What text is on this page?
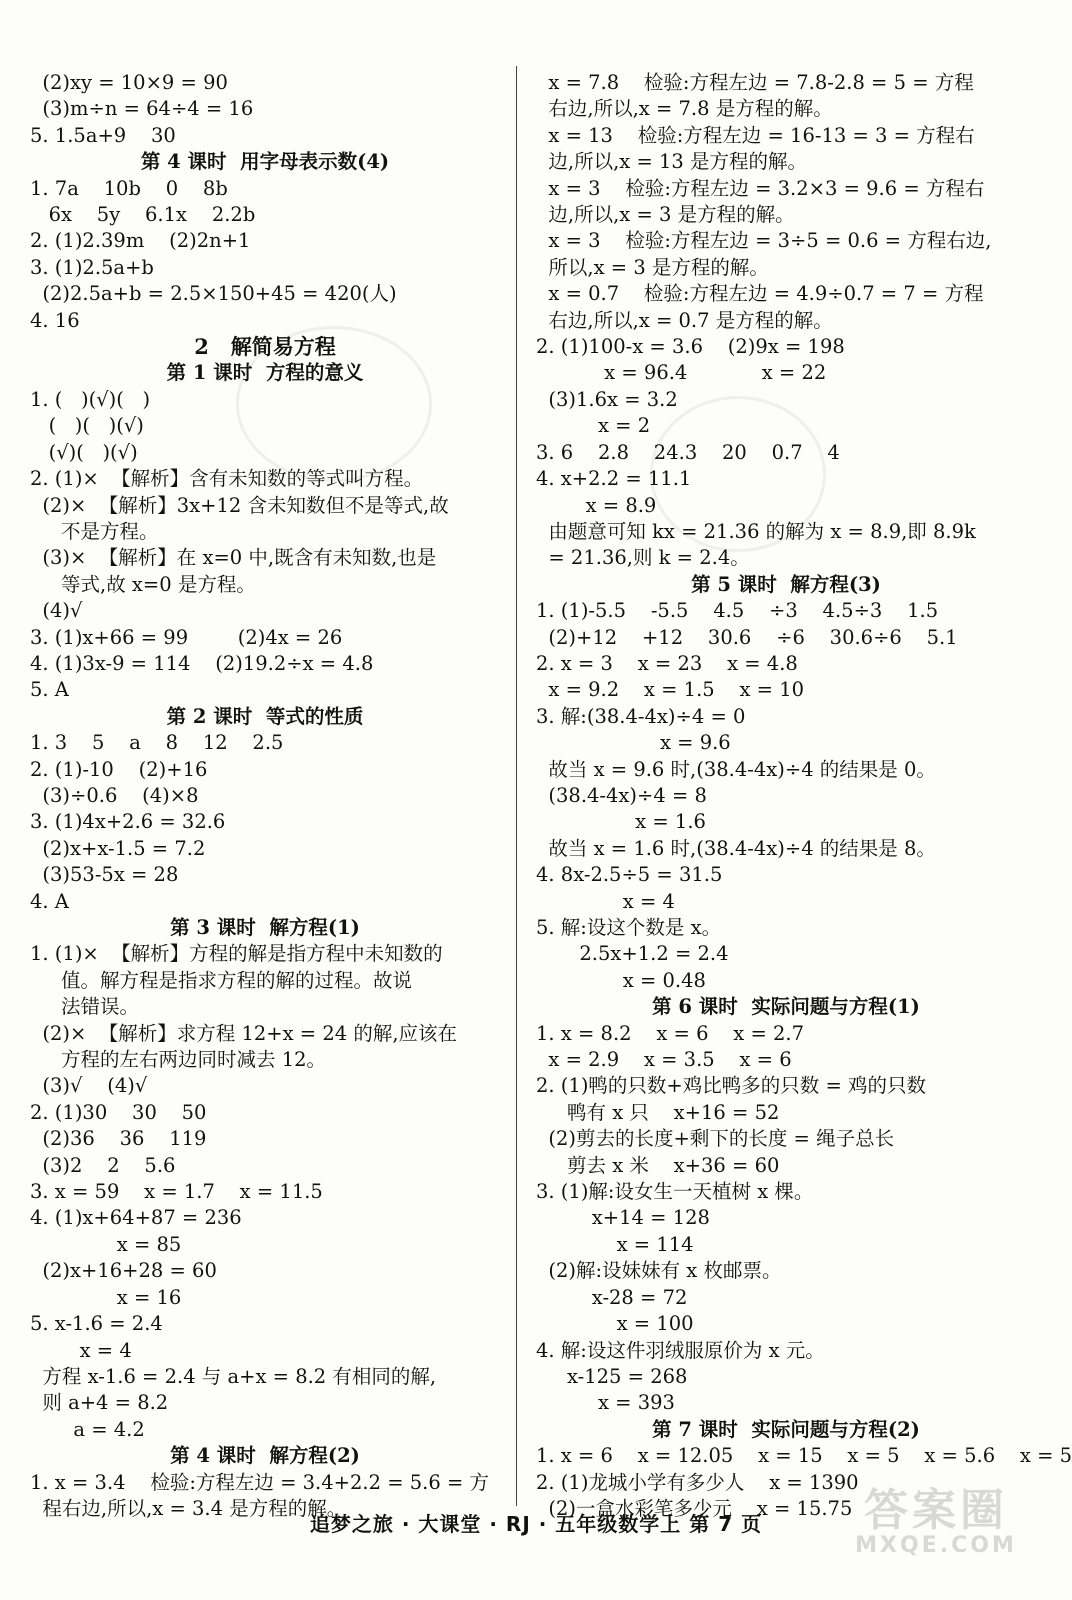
(2)xy = 10×9 = 90
(3)m÷n = 64÷4 = 16
5. 1.5a+9    30
第 4 课时  用字母表示数(4)
1. 7a    10b    0    8b
6x    5y    6.1x    2.2b
2. (1)2.39m    (2)2n+1
3. (1)2.5a+b
(2)2.5a+b = 2.5×150+45 = 420(人)
4. 16
2   解简易方程
第 1 课时  方程的意义
1. (   )(√)(   )
(   )(   )(√)
(√)(   )(√)
2. (1)×  【解析】含有未知数的等式叫方程。
(2)×  【解析】3x+12 含未知数但不是等式,故
不是方程。
(3)×  【解析】在 x=0 中,既含有未知数,也是
等式,故 x=0 是方程。
(4)√
3. (1)x+66 = 99        (2)4x = 26
4. (1)3x-9 = 114    (2)19.2÷x = 4.8
5. A
第 2 课时  等式的性质
1. 3    5    a    8    12    2.5
2. (1)-10    (2)+16
(3)÷0.6    (4)×8
3. (1)4x+2.6 = 32.6
(2)x+x-1.5 = 7.2
(3)53-5x = 28
4. A
第 3 课时  解方程(1)
1. (1)×  【解析】方程的解是指方程中未知数的
值。解方程是指求方程的解的过程。故说
法错误。
(2)×  【解析】求方程 12+x = 24 的解,应该在
方程的左右两边同时减去 12。
(3)√    (4)√
2. (1)30    30    50
(2)36    36    119
(3)2    2    5.6
3. x = 59    x = 1.7    x = 11.5
4. (1)x+64+87 = 236
x = 85
(2)x+16+28 = 60
x = 16
5. x-1.6 = 2.4
x = 4
方程 x-1.6 = 2.4 与 a+x = 8.2 有相同的解,
则 a+4 = 8.2
a = 4.2
第 4 课时  解方程(2)
1. x = 3.4    检验:方程左边 = 3.4+2.2 = 5.6 = 方
程右边,所以,x = 3.4 是方程的解。
x = 7.8    检验:方程左边 = 7.8-2.8 = 5 = 方程
右边,所以,x = 7.8 是方程的解。
x = 13    检验:方程左边 = 16-13 = 3 = 方程右
边,所以,x = 13 是方程的解。
x = 3    检验:方程左边 = 3.2×3 = 9.6 = 方程右
边,所以,x = 3 是方程的解。
x = 3    检验:方程左边 = 3÷5 = 0.6 = 方程右边,
所以,x = 3 是方程的解。
x = 0.7    检验:方程左边 = 4.9÷0.7 = 7 = 方程
右边,所以,x = 0.7 是方程的解。
2. (1)100-x = 3.6    (2)9x = 198
x = 96.4            x = 22
(3)1.6x = 3.2
x = 2
3. 6    2.8    24.3    20    0.7    4
4. x+2.2 = 11.1
x = 8.9
由题意可知 kx = 21.36 的解为 x = 8.9,即 8.9k
= 21.36,则 k = 2.4。
第 5 课时  解方程(3)
1. (1)-5.5    -5.5    4.5    ÷3    4.5÷3    1.5
(2)+12    +12    30.6    ÷6    30.6÷6    5.1
2. x = 3    x = 23    x = 4.8
x = 9.2    x = 1.5    x = 10
3. 解:(38.4-4x)÷4 = 0
x = 9.6
故当 x = 9.6 时,(38.4-4x)÷4 的结果是 0。
(38.4-4x)÷4 = 8
x = 1.6
故当 x = 1.6 时,(38.4-4x)÷4 的结果是 8。
4. 8x-2.5÷5 = 31.5
x = 4
5. 解:设这个数是 x。
2.5x+1.2 = 2.4
x = 0.48
第 6 课时  实际问题与方程(1)
1. x = 8.2    x = 6    x = 2.7
x = 2.9    x = 3.5    x = 6
2. (1)鸭的只数+鸡比鸭多的只数 = 鸡的只数
鸭有 x 只    x+16 = 52
(2)剪去的长度+剩下的长度 = 绳子总长
剪去 x 米    x+36 = 60
3. (1)解:设女生一天植树 x 棵。
x+14 = 128
x = 114
(2)解:设妹妹有 x 枚邮票。
x-28 = 72
x = 100
4. 解:设这件羽绒服原价为 x 元。
x-125 = 268
x = 393
第 7 课时  实际问题与方程(2)
1. x = 6    x = 12.05    x = 15    x = 5    x = 5.6    x = 5
2. (1)龙城小学有多少人    x = 1390
(2)一盒水彩笔多少元    x = 15.75
追梦之旅 · 大课堂 · RJ · 五年级数学上 第 7 页	答案圈
MXQE.COM
